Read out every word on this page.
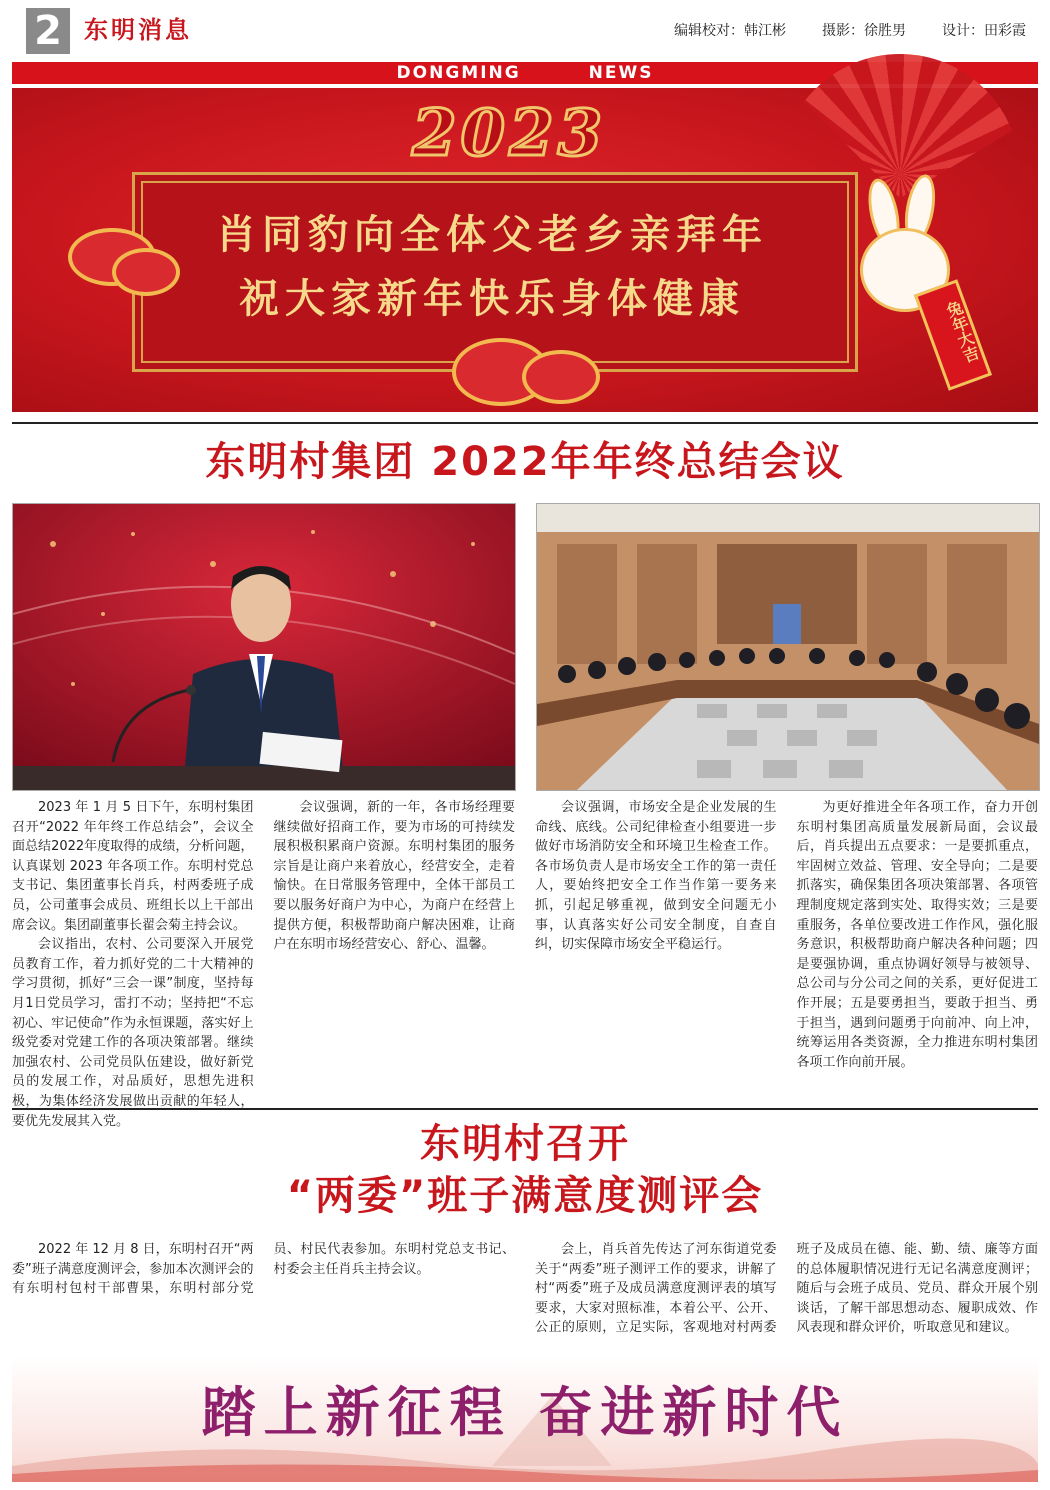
2 东明消息	编辑校对：韩江彬	摄影：徐胜男	设计：田彩霞
DONGMING	NEWS
2023
肖同豹向全体父老乡亲拜年
祝大家新年快乐身体健康	兔年大吉
东明村集团 2022年年终总结会议

2023 年 1 月 5 日下午，东明村集团召开“2022 年年终工作总结会”，会议全面总结2022年度取得的成绩，分析问题，认真谋划 2023 年各项工作。东明村党总支书记、集团董事长肖兵，村两委班子成员，公司董事会成员、班组长以上干部出席会议。集团副董事长翟会菊主持会议。

会议指出，农村、公司要深入开展党员教育工作，着力抓好党的二十大精神的学习贯彻，抓好“三会一课”制度，坚持每月1日党员学习，雷打不动；坚持把“不忘初心、牢记使命”作为永恒课题，落实好上级党委对党建工作的各项决策部署。继续加强农村、公司党员队伍建设，做好新党员的发展工作，对品质好，思想先进积极，为集体经济发展做出贡献的年轻人，要优先发展其入党。

会议强调，新的一年，各市场经理要继续做好招商工作，要为市场的可持续发展积极积累商户资源。东明村集团的服务宗旨是让商户来着放心，经营安全，走着愉快。在日常服务管理中，全体干部员工要以服务好商户为中心，为商户在经营上提供方便，积极帮助商户解决困难，让商户在东明市场经营安心、舒心、温馨。

会议强调，市场安全是企业发展的生命线、底线。公司纪律检查小组要进一步做好市场消防安全和环境卫生检查工作。各市场负责人是市场安全工作的第一责任人，要始终把安全工作当作第一要务来抓，引起足够重视，做到安全问题无小事，认真落实好公司安全制度，自查自纠，切实保障市场安全平稳运行。

为更好推进全年各项工作，奋力开创东明村集团高质量发展新局面，会议最后，肖兵提出五点要求：一是要抓重点，牢固树立效益、管理、安全导向；二是要抓落实，确保集团各项决策部署、各项管理制度规定落到实处、取得实效；三是要重服务，各单位要改进工作作风，强化服务意识，积极帮助商户解决各种问题；四是要强协调，重点协调好领导与被领导、总公司与分公司之间的关系，更好促进工作开展；五是要勇担当，要敢于担当、勇于担当，遇到问题勇于向前冲、向上冲，统筹运用各类资源，全力推进东明村集团各项工作向前开展。

东明村召开
“两委”班子满意度测评会

2022 年 12 月 8 日，东明村召开“两委”班子满意度测评会，参加本次测评会的有东明村包村干部曹果，东明村部分党员、村民代表参加。东明村党总支书记、村委会主任肖兵主持会议。

会上，肖兵首先传达了河东街道党委关于“两委”班子测评工作的要求，讲解了村“两委”班子及成员满意度测评表的填写要求，大家对照标准，本着公平、公开、公正的原则，立足实际，客观地对村两委班子及成员在德、能、勤、绩、廉等方面的总体履职情况进行无记名满意度测评；随后与会班子成员、党员、群众开展个别谈话，了解干部思想动态、履职成效、作风表现和群众评价，听取意见和建议。

踏上新征程 奋进新时代
